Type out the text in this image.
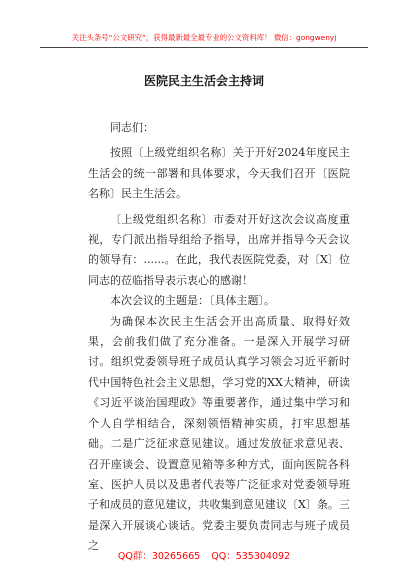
关注头条号“公文研究”，获得最新最全最专业的公文资料库！ 微信：gongwenyj
医院民主生活会主持词

同志们：

按照〔上级党组织名称〕关于开好2024年度民主生活会的统一部署和具体要求，今天我们召开〔医院名称〕民主生活会。

〔上级党组织名称〕市委对开好这次会议高度重视，专门派出指导组给予指导，出席并指导今天会议的领导有：......。在此，我代表医院党委，对〔X〕位同志的莅临指导表示衷心的感谢！

本次会议的主题是：〔具体主题〕。

为确保本次民主生活会开出高质量、取得好效果，会前我们做了充分准备。一是深入开展学习研讨。组织党委领导班子成员认真学习领会习近平新时代中国特色社会主义思想，学习党的XX大精神，研读《习近平谈治国理政》等重要著作，通过集中学习和个人自学相结合，深刻领悟精神实质，打牢思想基础。二是广泛征求意见建议。通过发放征求意见表、召开座谈会、设置意见箱等多种方式，面向医院各科室、医护人员以及患者代表等广泛征求对党委领导班子和成员的意见建议，共收集到意见建议〔X〕条。三是深入开展谈心谈话。党委主要负责同志与班子成员之

QQ群：30265665 QQ：535304092
